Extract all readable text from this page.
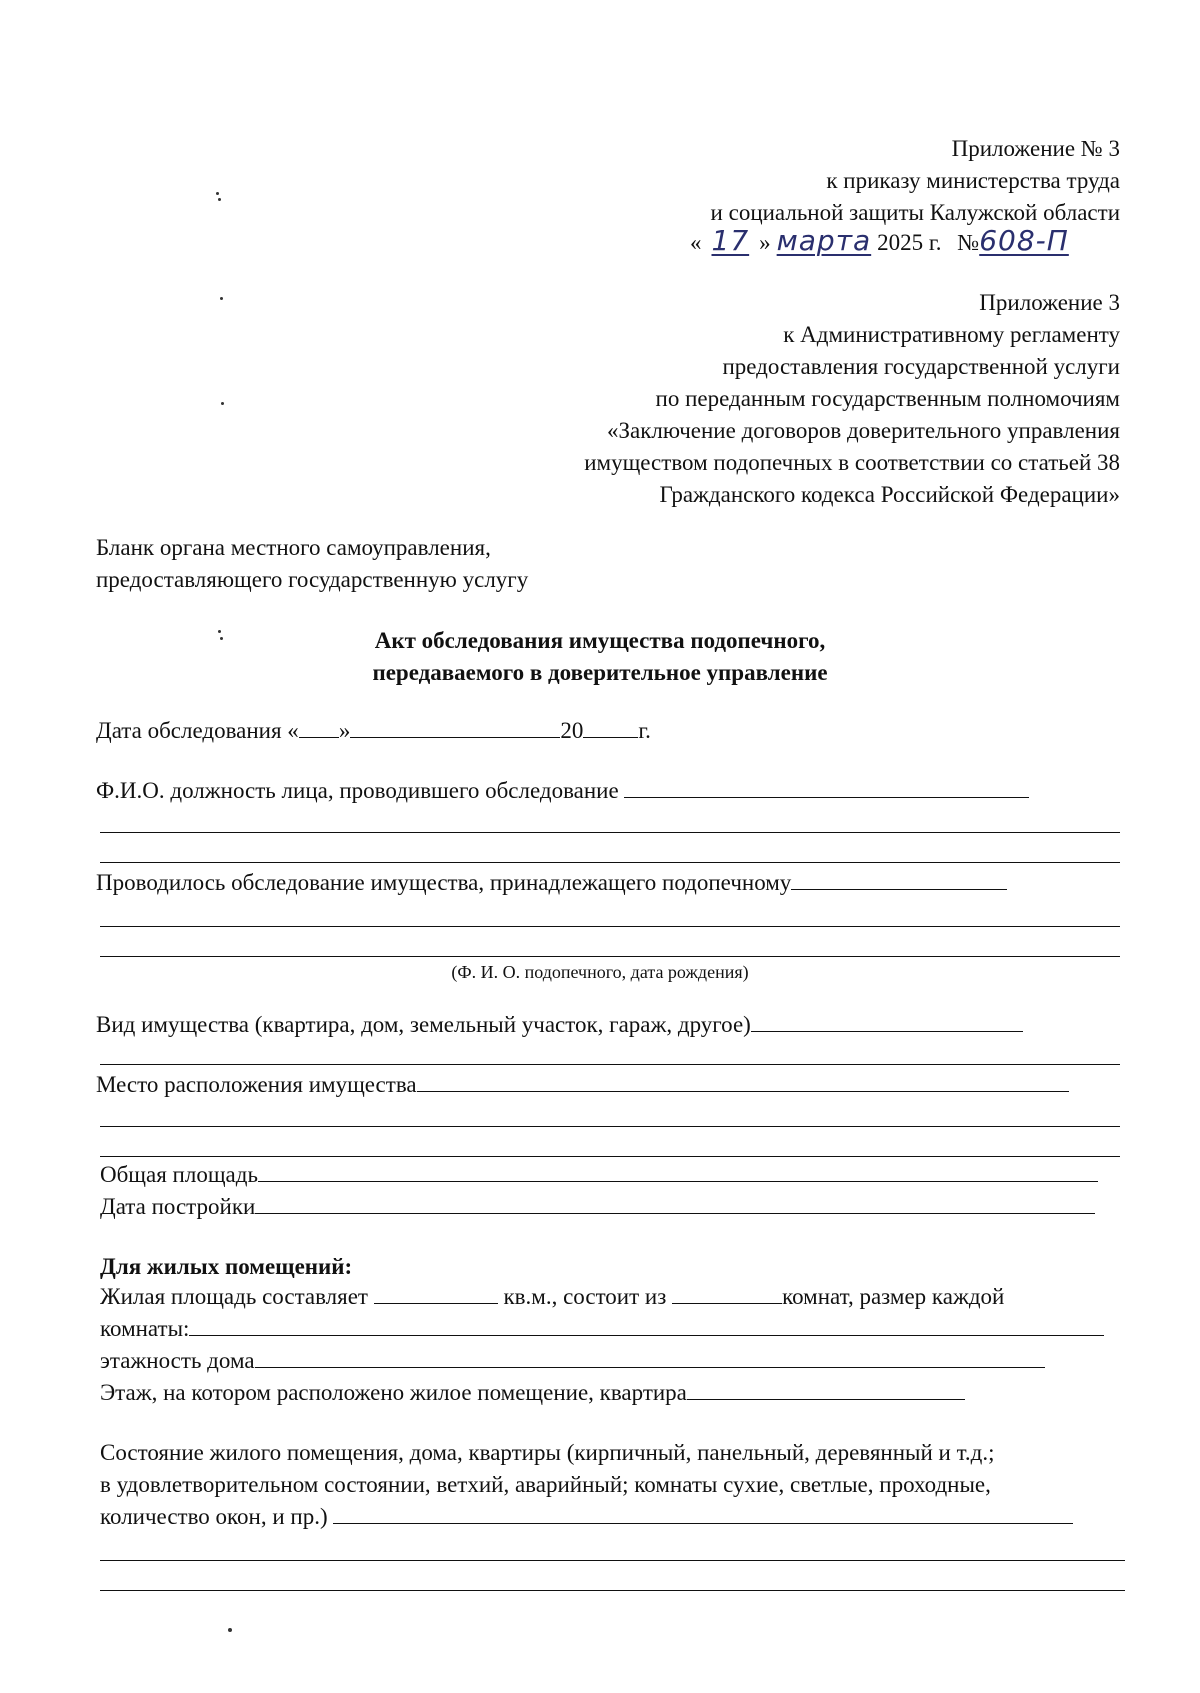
Приложение № 3
к приказу министерства труда
и социальной защиты Калужской области
« 17 » марта 2025 г. №608-П
Приложение 3
к Административному регламенту
предоставления государственной услуги
по переданным государственным полномочиям
«Заключение договоров доверительного управления
имуществом подопечных в соответствии со статьей 38
Гражданского кодекса Российской Федерации»
Бланк органа местного самоуправления,
предоставляющего государственную услугу
Акт обследования имущества подопечного,
передаваемого в доверительное управление
Дата обследования « »	20 г.
Ф.И.О. должность лица, проводившего обследование
Проводилось обследование имущества, принадлежащего подопечному
(Ф. И. О. подопечного, дата рождения)
Вид имущества (квартира, дом, земельный участок, гараж, другое)
Место расположения имущества
Общая площадь
Дата постройки
Для жилых помещений:
Жилая площадь составляет	кв.м., состоит из	комнат, размер каждой
комнаты:
этажность дома
Этаж, на котором расположено жилое помещение, квартира
Состояние жилого помещения, дома, квартиры (кирпичный, панельный, деревянный и т.д.;
в удовлетворительном состоянии, ветхий, аварийный; комнаты сухие, светлые, проходные,
количество окон, и пр.)
